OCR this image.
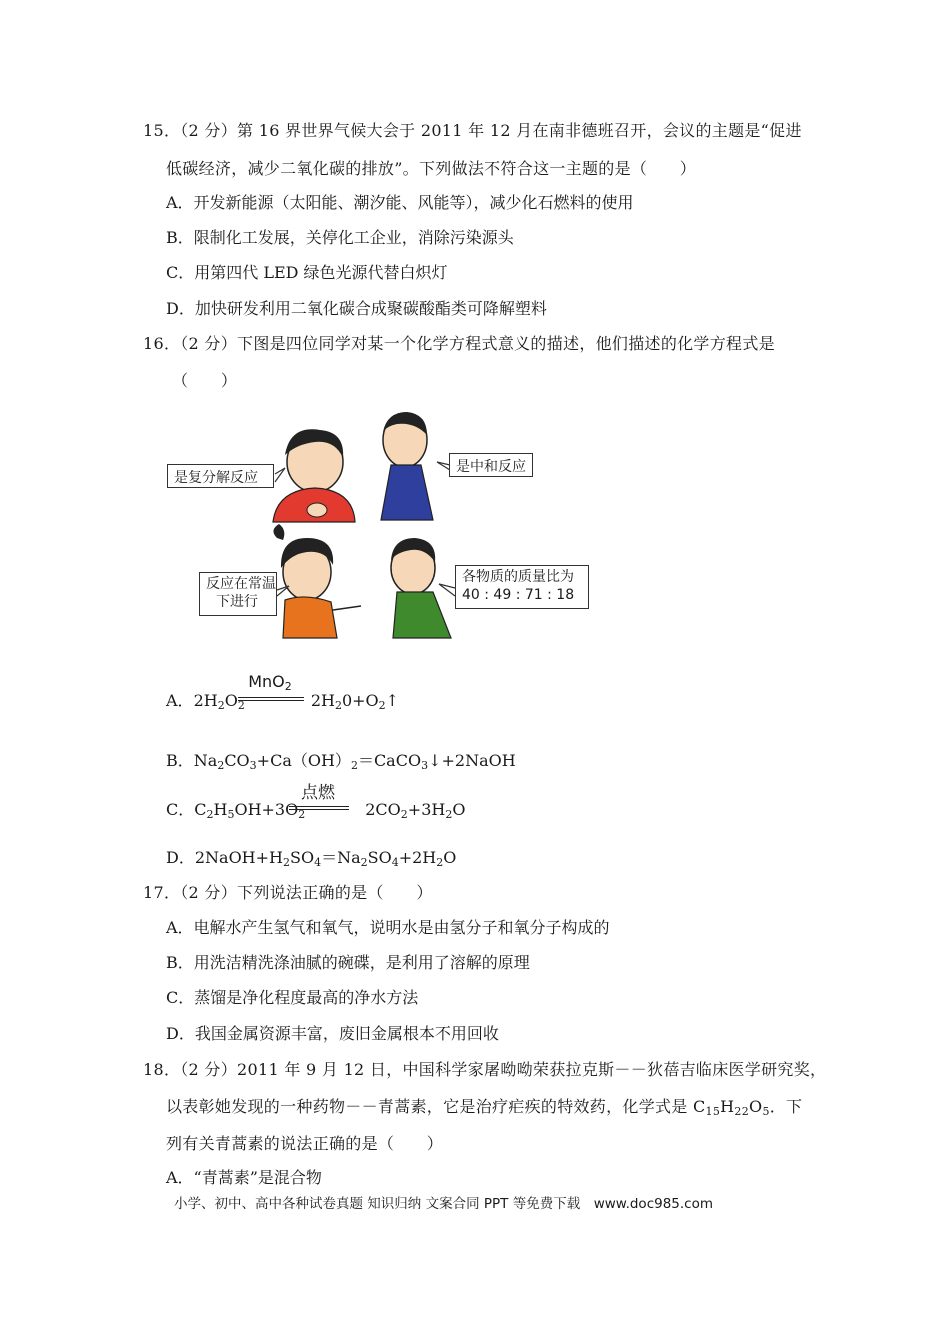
15．（2 分）第 16 界世界气候大会于 2011 年 12 月在南非德班召开，会议的主题是“促进
低碳经济，减少二氧化碳的排放”。下列做法不符合这一主题的是（　　）
A．开发新能源（太阳能、潮汐能、风能等），减少化石燃料的使用
B．限制化工发展，关停化工企业，消除污染源头
C．用第四代 LED 绿色光源代替白炽灯
D．加快研发利用二氧化碳合成聚碳酸酯类可降解塑料
16．（2 分）下图是四位同学对某一个化学方程式意义的描述，他们描述的化学方程式是
（　　）
是复分解反应
是中和反应
反应在常温
下进行
各物质的质量比为
40 : 49 : 71 : 18
A．$2H_2O_2$	$2H_20+O_2↑$
MnO$_2$
B．$Na_2CO_3+Ca(OH)_2=CaCO_3↓+2NaOH$
C．$C_2H_5OH+3O_2$	$2CO_2+3H_2O$
点燃
D．$2NaOH+H_2SO_4=Na_2SO_4+2H_2O$
17．（2 分）下列说法正确的是（　　）
A．电解水产生氢气和氧气，说明水是由氢分子和氧分子构成的
B．用洗洁精洗涤油腻的碗碟，是利用了溶解的原理
C．蒸馏是净化程度最高的净水方法
D．我国金属资源丰富，废旧金属根本不用回收
18．（2 分）2011 年 9 月 12 日，中国科学家屠呦呦荣获拉克斯－－狄蓓吉临床医学研究奖，
以表彰她发现的一种药物－－青蒿素，它是治疗疟疾的特效药，化学式是 $C_{15}H_{22}O_5$．下
列有关青蒿素的说法正确的是（　　）
A．“青蒿素”是混合物
小学、初中、高中各种试卷真题 知识归纳 文案合同 PPT 等免费下载　www.doc985.com
